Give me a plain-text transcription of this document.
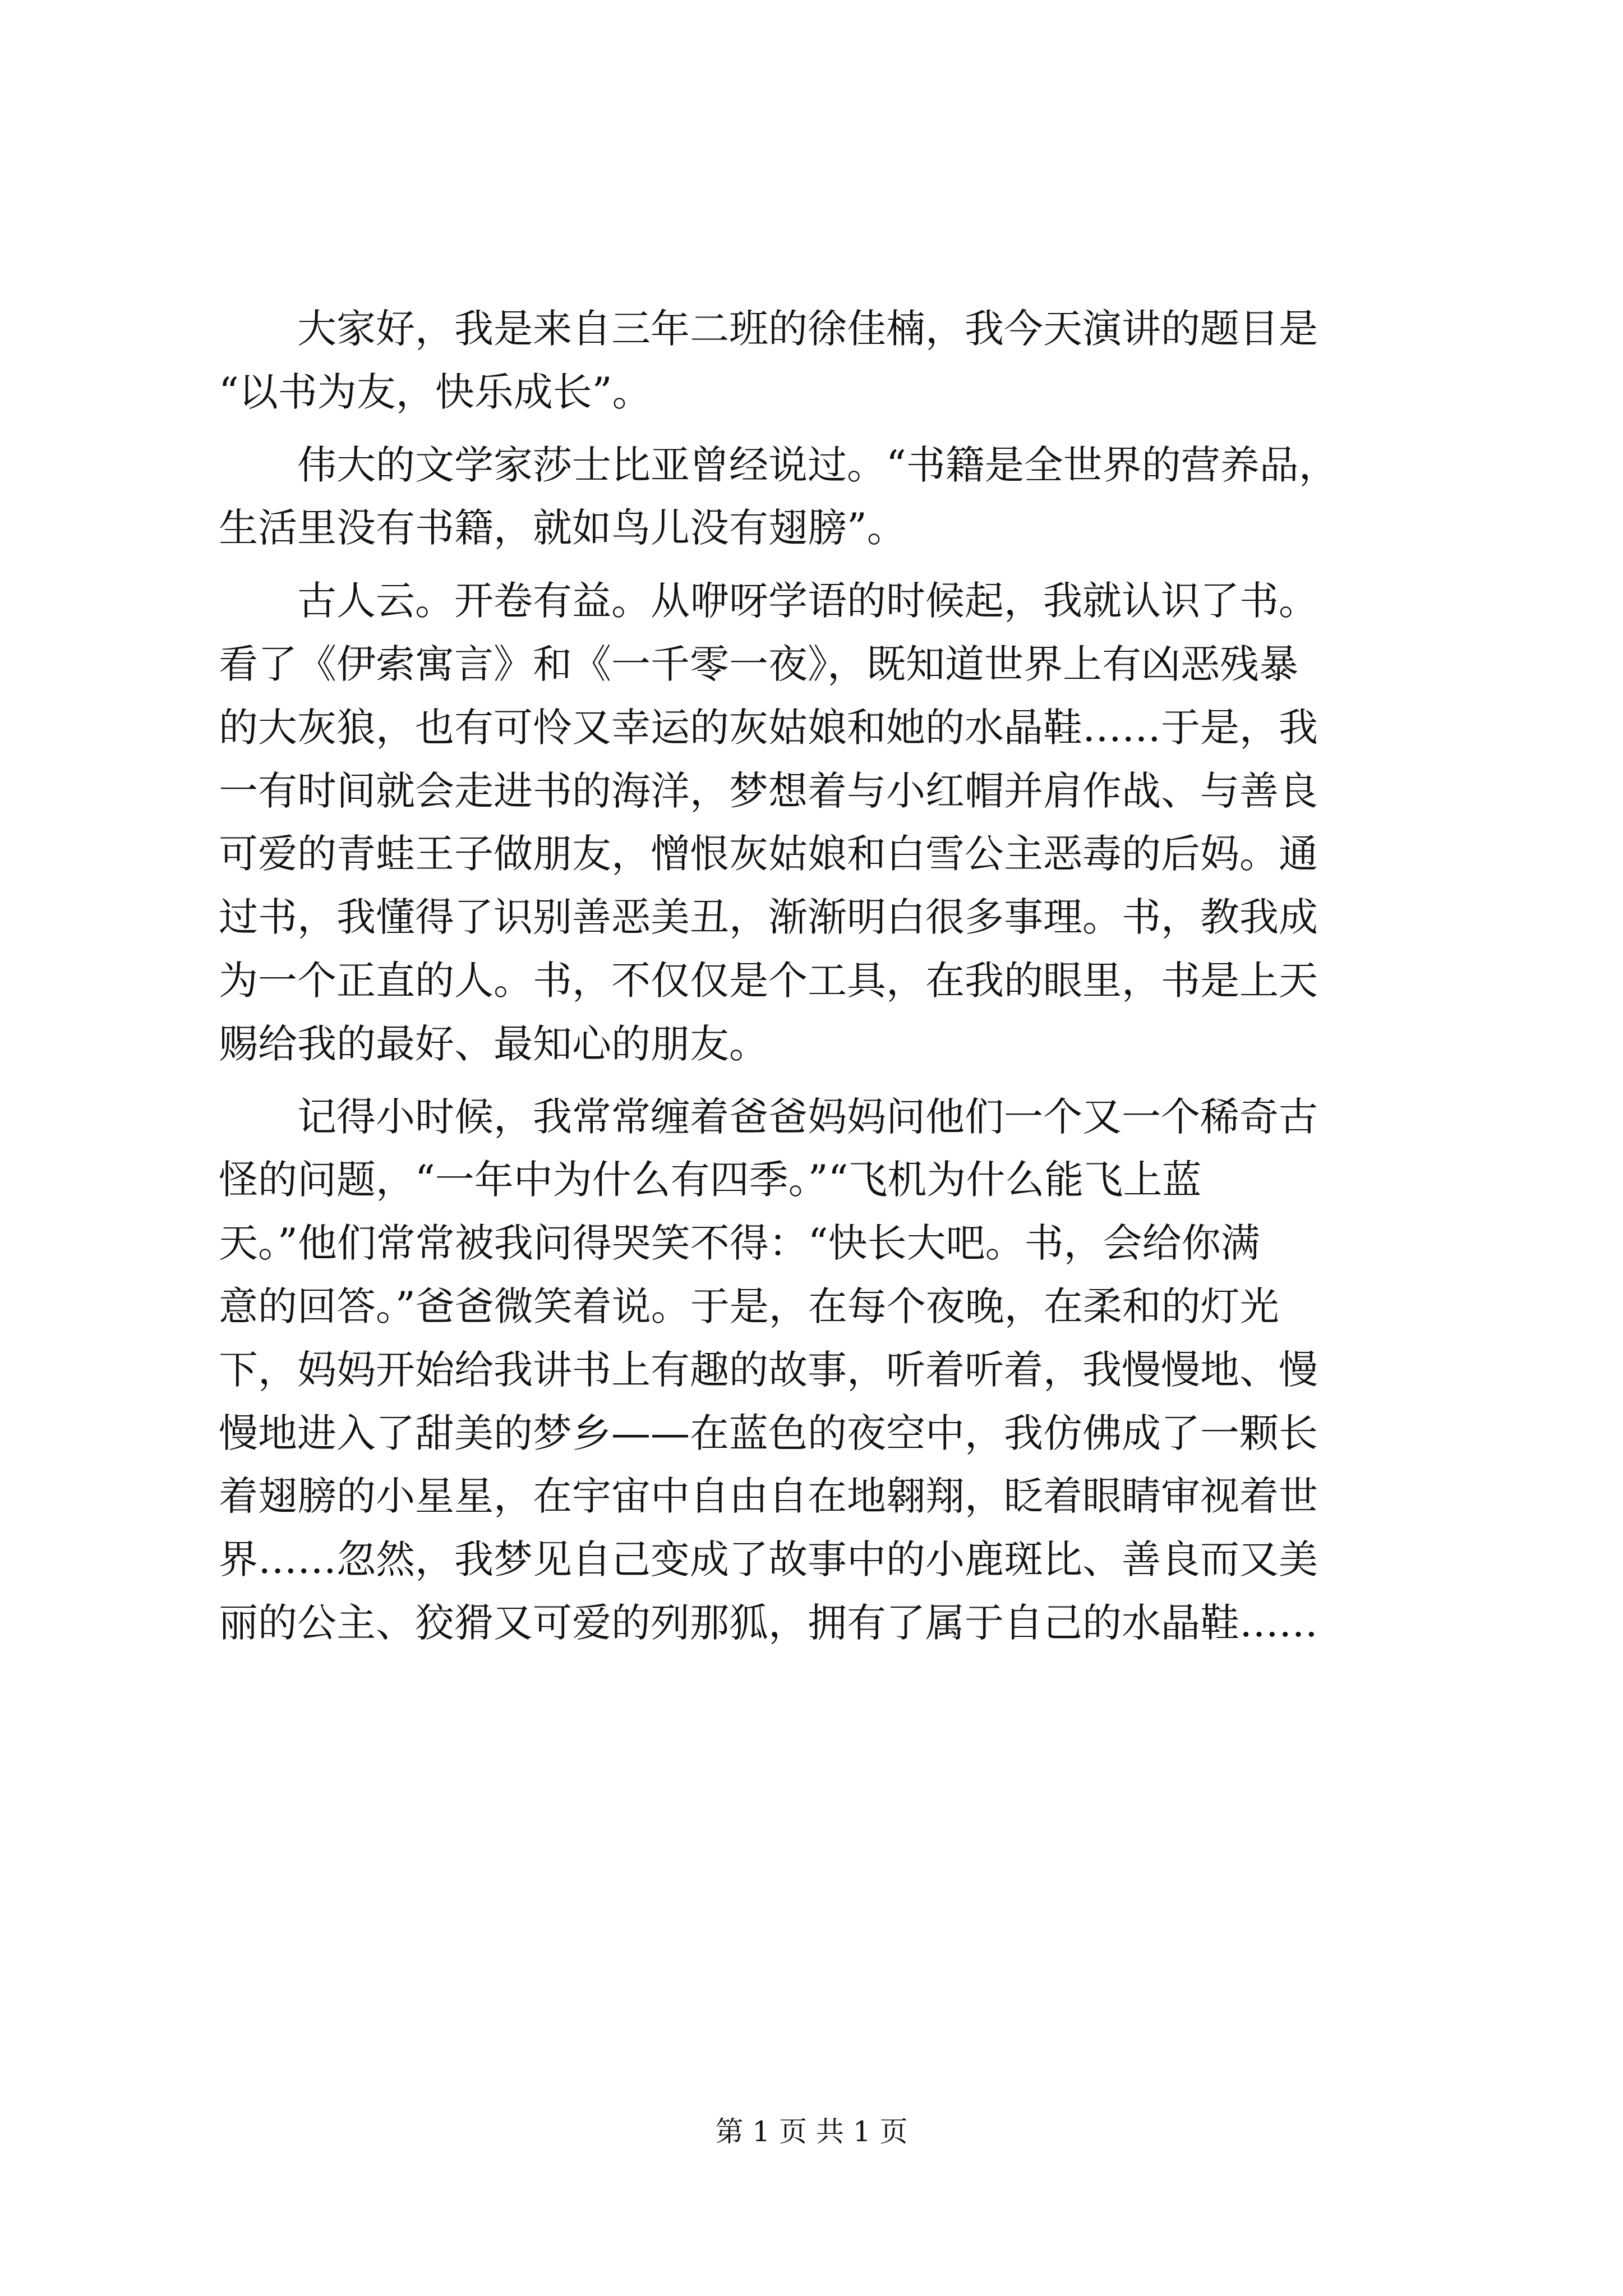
大家好，我是来自三年二班的徐佳楠，我今天演讲的题目是
“以书为友，快乐成长”。

伟大的文学家莎士比亚曾经说过。“书籍是全世界的营养品，
生活里没有书籍，就如鸟儿没有翅膀”。

古人云。开卷有益。从咿呀学语的时候起，我就认识了书。
看了《伊索寓言》和《一千零一夜》，既知道世界上有凶恶残暴
的大灰狼，也有可怜又幸运的灰姑娘和她的水晶鞋……于是，我
一有时间就会走进书的海洋，梦想着与小红帽并肩作战、与善良
可爱的青蛙王子做朋友，憎恨灰姑娘和白雪公主恶毒的后妈。通
过书，我懂得了识别善恶美丑，渐渐明白很多事理。书，教我成
为一个正直的人。书，不仅仅是个工具，在我的眼里，书是上天
赐给我的最好、最知心的朋友。

记得小时候，我常常缠着爸爸妈妈问他们一个又一个稀奇古
怪的问题，“一年中为什么有四季。”“飞机为什么能飞上蓝
天。”他们常常被我问得哭笑不得：“快长大吧。书，会给你满
意的回答。”爸爸微笑着说。于是，在每个夜晚，在柔和的灯光
下，妈妈开始给我讲书上有趣的故事，听着听着，我慢慢地、慢
慢地进入了甜美的梦乡——在蓝色的夜空中，我仿佛成了一颗长
着翅膀的小星星，在宇宙中自由自在地翱翔，眨着眼睛审视着世
界……忽然，我梦见自己变成了故事中的小鹿斑比、善良而又美
丽的公主、狡猾又可爱的列那狐，拥有了属于自己的水晶鞋……

第 1 页 共 1 页
